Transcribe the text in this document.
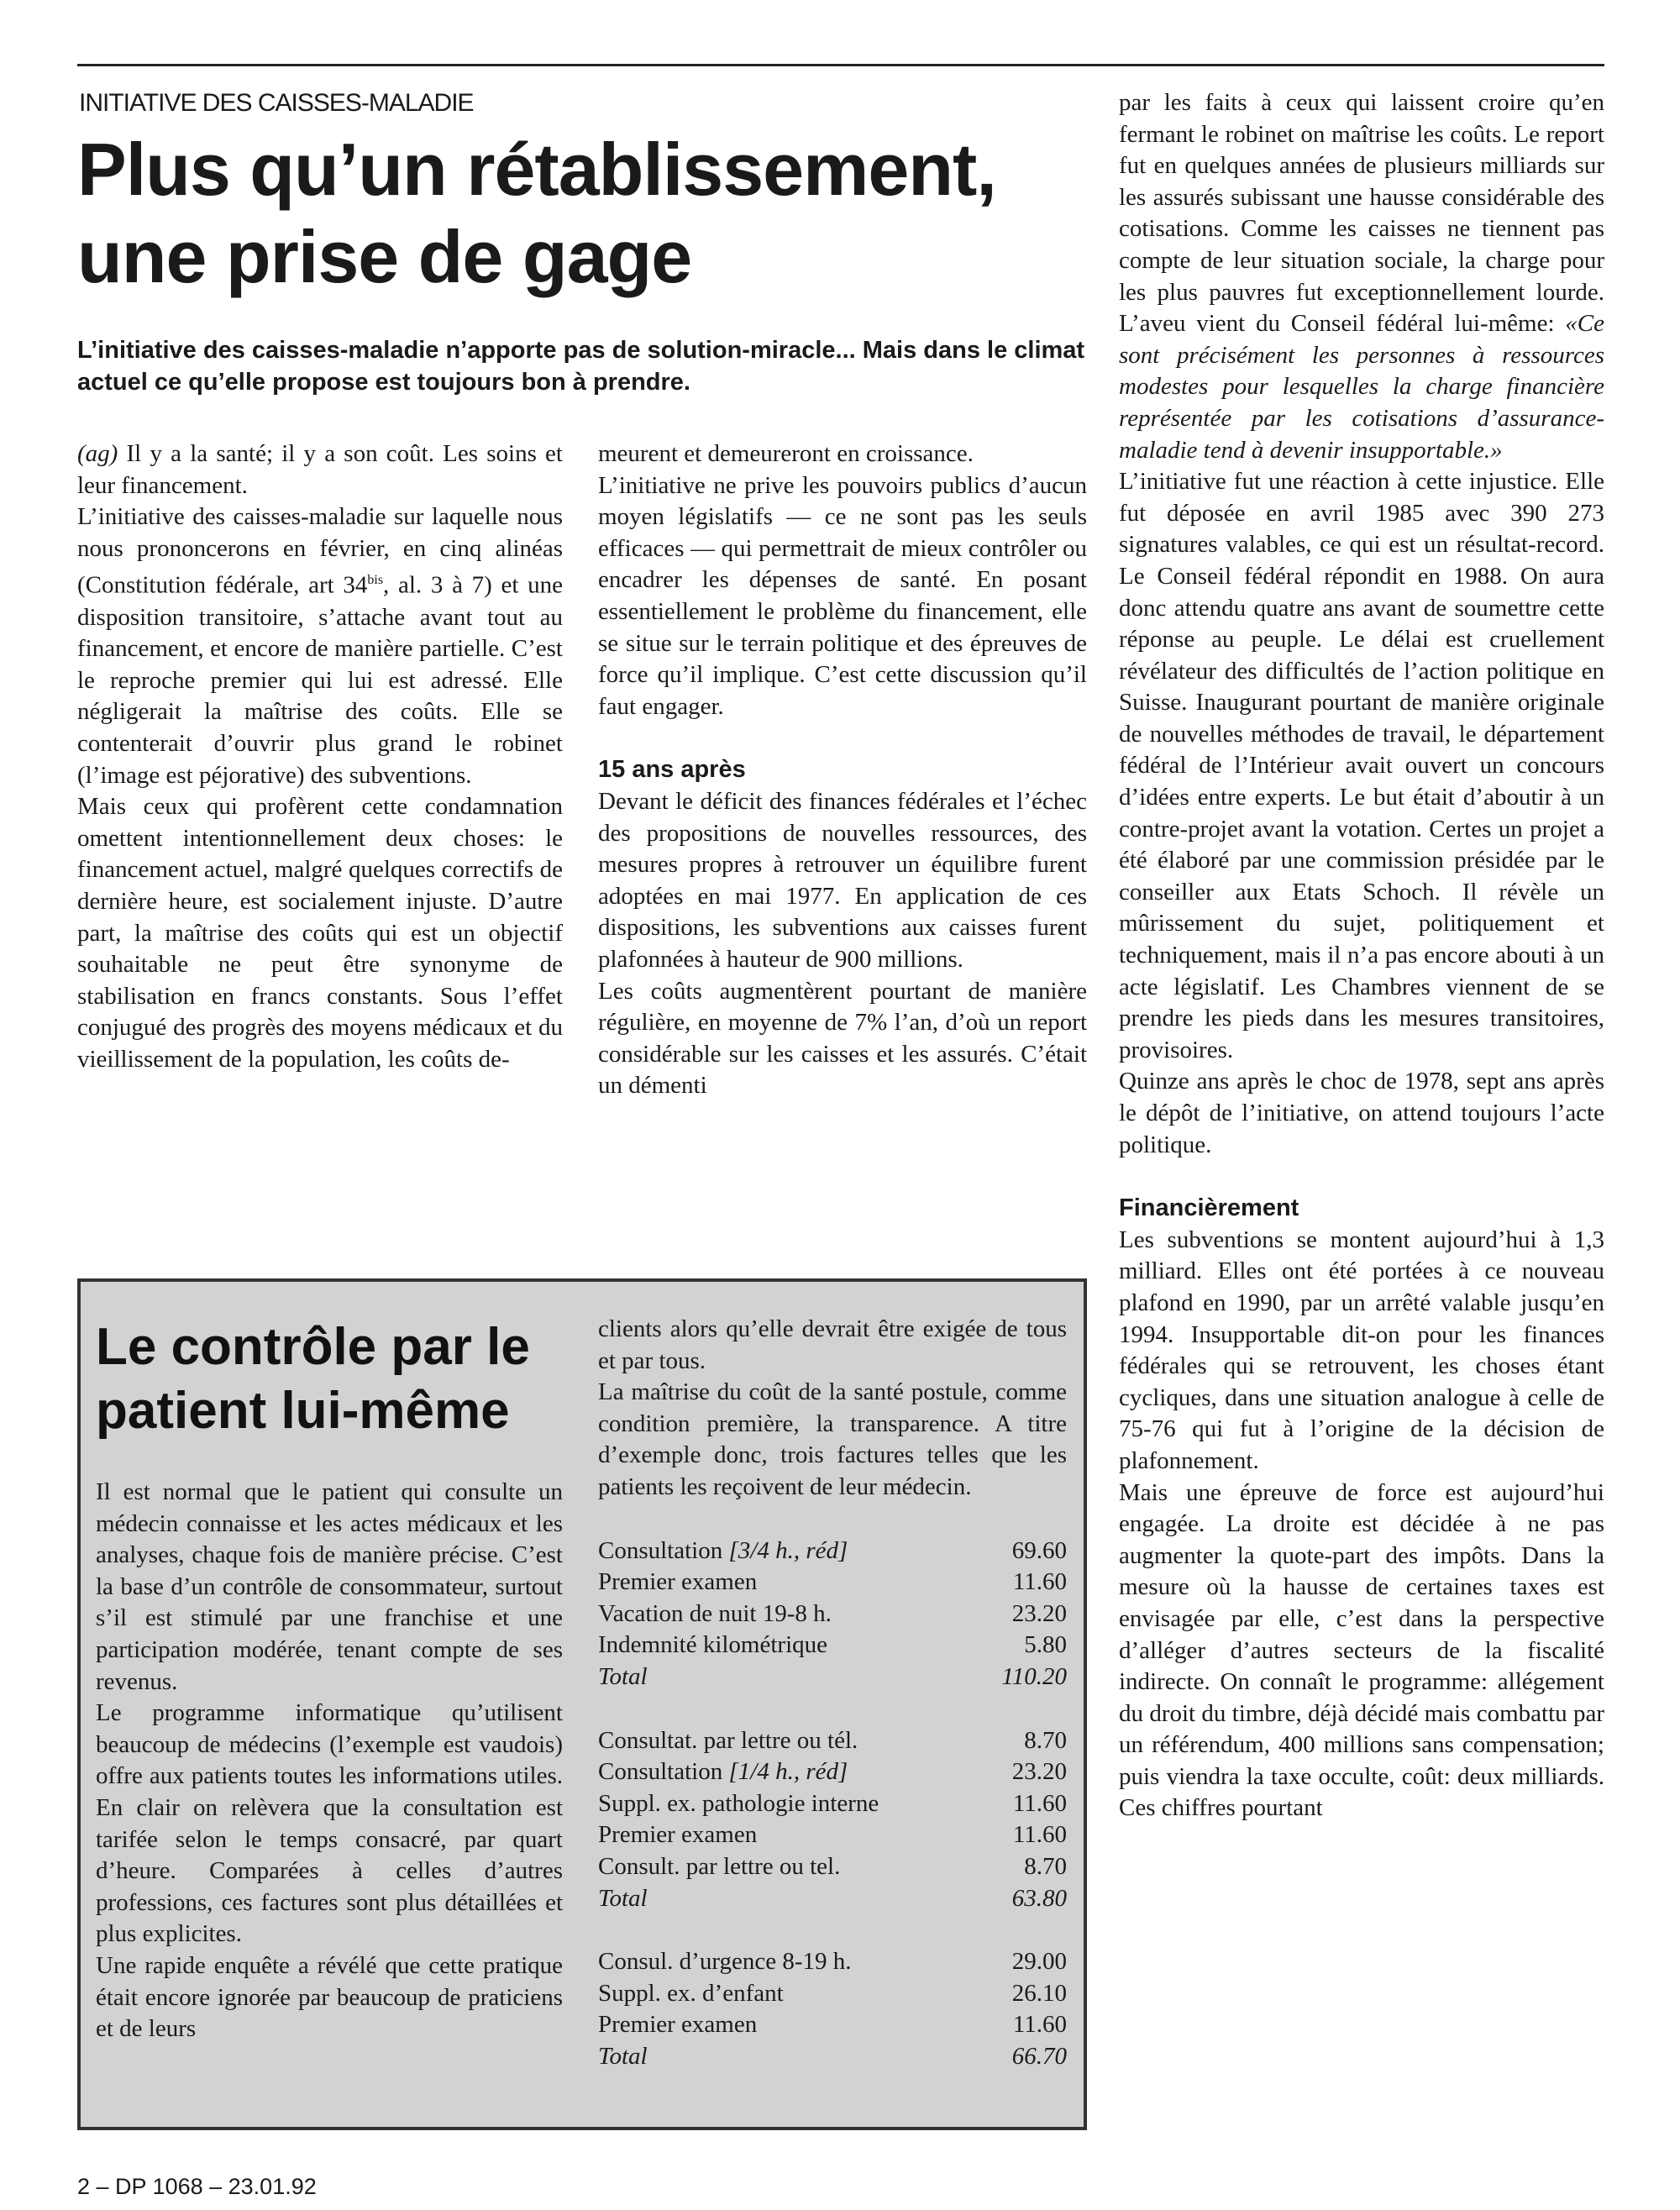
INITIATIVE DES CAISSES-MALADIE
Plus qu’un rétablissement, une prise de gage

L’initiative des caisses-maladie n’apporte pas de solution-miracle... Mais dans le climat actuel ce qu’elle propose est toujours bon à prendre.

(ag) Il y a la santé; il y a son coût. Les soins et leur financement.

L’initiative des caisses-maladie sur laquelle nous nous prononcerons en février, en cinq alinéas (Constitution fédérale, art $34^{bis}$, al. 3 à 7) et une disposition transitoire, s’attache avant tout au financement, et encore de manière partielle. C’est le reproche premier qui lui est adressé. Elle négligerait la maîtrise des coûts. Elle se contenterait d’ouvrir plus grand le robinet (l’image est péjorative) des subventions.

Mais ceux qui profèrent cette condamnation omettent intentionnellement deux choses: le financement actuel, malgré quelques correctifs de dernière heure, est socialement injuste. D’autre part, la maîtrise des coûts qui est un objectif souhaitable ne peut être synonyme de stabilisation en francs constants. Sous l’effet conjugué des progrès des moyens médicaux et du vieillissement de la population, les coûts de-

meurent et demeureront en croissance.

L’initiative ne prive les pouvoirs publics d’aucun moyen législatifs — ce ne sont pas les seuls efficaces — qui permettrait de mieux contrôler ou encadrer les dépenses de santé. En posant essentiellement le problème du financement, elle se situe sur le terrain politique et des épreuves de force qu’il implique. C’est cette discussion qu’il faut engager.

15 ans après

Devant le déficit des finances fédérales et l’échec des propositions de nouvelles ressources, des mesures propres à retrouver un équilibre furent adoptées en mai 1977. En application de ces dispositions, les subventions aux caisses furent plafonnées à hauteur de 900 millions.

Les coûts augmentèrent pourtant de manière régulière, en moyenne de 7% l’an, d’où un report considérable sur les caisses et les assurés. C’était un démenti

par les faits à ceux qui laissent croire qu’en fermant le robinet on maîtrise les coûts. Le report fut en quelques années de plusieurs milliards sur les assurés subissant une hausse considérable des cotisations. Comme les caisses ne tiennent pas compte de leur situation sociale, la charge pour les plus pauvres fut exceptionnellement lourde. L’aveu vient du Conseil fédéral lui-même: «Ce sont précisément les personnes à ressources modestes pour lesquelles la charge financière représentée par les cotisations d’assurance-maladie tend à devenir insupportable.»

L’initiative fut une réaction à cette injustice. Elle fut déposée en avril 1985 avec 390 273 signatures valables, ce qui est un résultat-record. Le Conseil fédéral répondit en 1988. On aura donc attendu quatre ans avant de soumettre cette réponse au peuple. Le délai est cruellement révélateur des difficultés de l’action politique en Suisse. Inaugurant pourtant de manière originale de nouvelles méthodes de travail, le département fédéral de l’Intérieur avait ouvert un concours d’idées entre experts. Le but était d’aboutir à un contre-projet avant la votation. Certes un projet a été élaboré par une commission présidée par le conseiller aux Etats Schoch. Il révèle un mûrissement du sujet, politiquement et techniquement, mais il n’a pas encore abouti à un acte législatif. Les Chambres viennent de se prendre les pieds dans les mesures transitoires, provisoires.

Quinze ans après le choc de 1978, sept ans après le dépôt de l’initiative, on attend toujours l’acte politique.

Financièrement

Les subventions se montent aujourd’hui à 1,3 milliard. Elles ont été portées à ce nouveau plafond en 1990, par un arrêté valable jusqu’en 1994. Insupportable dit-on pour les finances fédérales qui se retrouvent, les choses étant cycliques, dans une situation analogue à celle de 75-76 qui fut à l’origine de la décision de plafonnement.

Mais une épreuve de force est aujourd’hui engagée. La droite est décidée à ne pas augmenter la quote-part des impôts. Dans la mesure où la hausse de certaines taxes est envisagée par elle, c’est dans la perspective d’alléger d’autres secteurs de la fiscalité indirecte. On connaît le programme: allégement du droit du timbre, déjà décidé mais combattu par un référendum, 400 millions sans compensation; puis viendra la taxe occulte, coût: deux milliards. Ces chiffres pourtant

Le contrôle par le patient lui-même

Il est normal que le patient qui consulte un médecin connaisse et les actes médicaux et les analyses, chaque fois de manière précise. C’est la base d’un contrôle de consommateur, surtout s’il est stimulé par une franchise et une participation modérée, tenant compte de ses revenus.

Le programme informatique qu’utilisent beaucoup de médecins (l’exemple est vaudois) offre aux patients toutes les informations utiles. En clair on relèvera que la consultation est tarifée selon le temps consacré, par quart d’heure. Comparées à celles d’autres professions, ces factures sont plus détaillées et plus explicites.

Une rapide enquête a révélé que cette pratique était encore ignorée par beaucoup de praticiens et de leurs

clients alors qu’elle devrait être exigée de tous et par tous.

La maîtrise du coût de la santé postule, comme condition première, la transparence. A titre d’exemple donc, trois factures telles que les patients les reçoivent de leur médecin.

Consultation [3/4 h., réd]	69.60
Premier examen	11.60
Vacation de nuit 19-8 h.	23.20
Indemnité kilométrique	5.80
Total	110.20
Consultat. par lettre ou tél.	8.70
Consultation [1/4 h., réd]	23.20
Suppl. ex. pathologie interne	11.60
Premier examen	11.60
Consult. par lettre ou tel.	8.70
Total	63.80
Consul. d’urgence 8-19 h.	29.00
Suppl. ex. d’enfant	26.10
Premier examen	11.60
Total	66.70
2 – DP 1068 – 23.01.92
